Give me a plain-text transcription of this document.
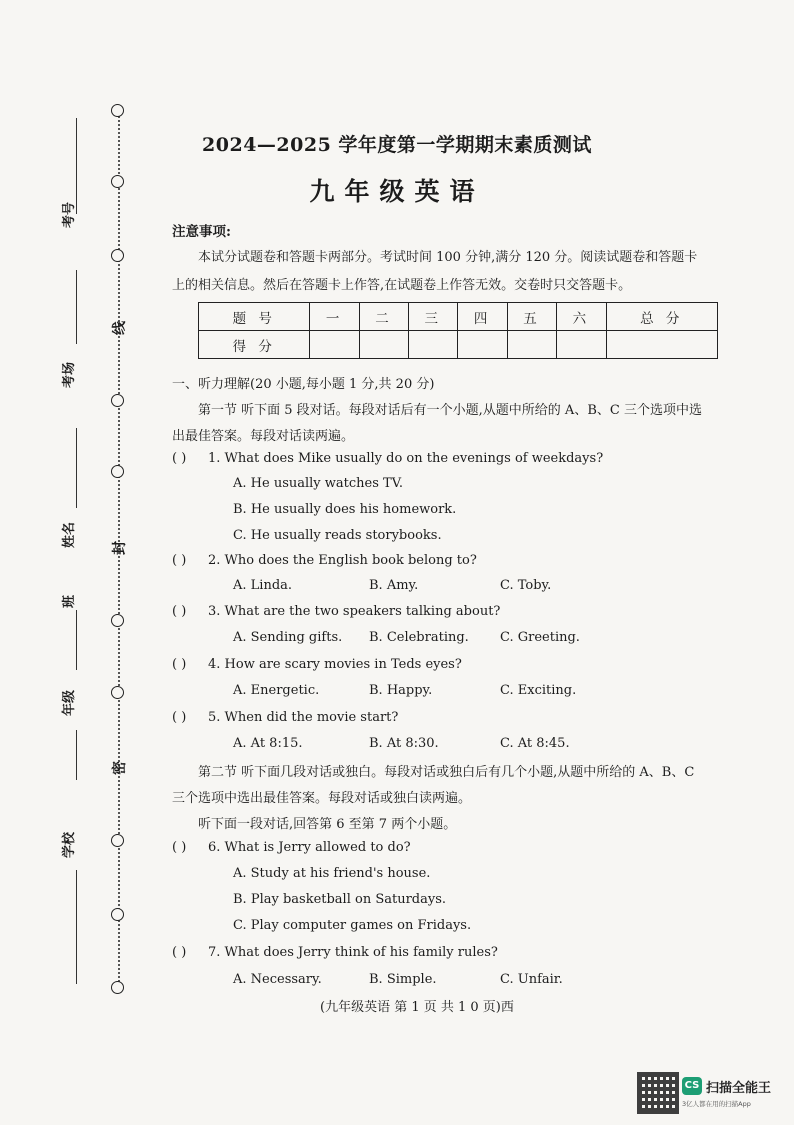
考号
考场
姓名
班
年级
学校
线
封
密
2024—2025 学年度第一学期期末素质测试
九年级英语
注意事项:
本试分试题卷和答题卡两部分。考试时间 100 分钟,满分 120 分。阅读试题卷和答题卡
上的相关信息。然后在答题卡上作答,在试题卷上作答无效。交卷时只交答题卡。
题 号	一	二	三	四	五	六	总 分
得 分							
一、听力理解(20 小题,每小题 1 分,共 20 分)
第一节 听下面 5 段对话。每段对话后有一个小题,从题中所给的 A、B、C 三个选项中选
出最佳答案。每段对话读两遍。
( ) 1. What does Mike usually do on the evenings of weekdays?
A. He usually watches TV.
B. He usually does his homework.
C. He usually reads storybooks.
( ) 2. Who does the English book belong to?
A. Linda.	B. Amy.	C. Toby.
( ) 3. What are the two speakers talking about?
A. Sending gifts. B. Celebrating. C. Greeting.
( ) 4. How are scary movies in Teds eyes?
A. Energetic.	B. Happy.	C. Exciting.
( ) 5. When did the movie start?
A. At 8:15.	B. At 8:30.	C. At 8:45.
第二节 听下面几段对话或独白。每段对话或独白后有几个小题,从题中所给的 A、B、C
三个选项中选出最佳答案。每段对话或独白读两遍。
听下面一段对话,回答第 6 至第 7 两个小题。
( ) 6. What is Jerry allowed to do?
A. Study at his friend's house.
B. Play basketball on Saturdays.
C. Play computer games on Fridays.
( ) 7. What does Jerry think of his family rules?
A. Necessary.	B. Simple.	C. Unfair.
(九年级英语 第 1 页 共 1 0 页)西
CS 扫描全能王
3亿人都在用的扫描App
